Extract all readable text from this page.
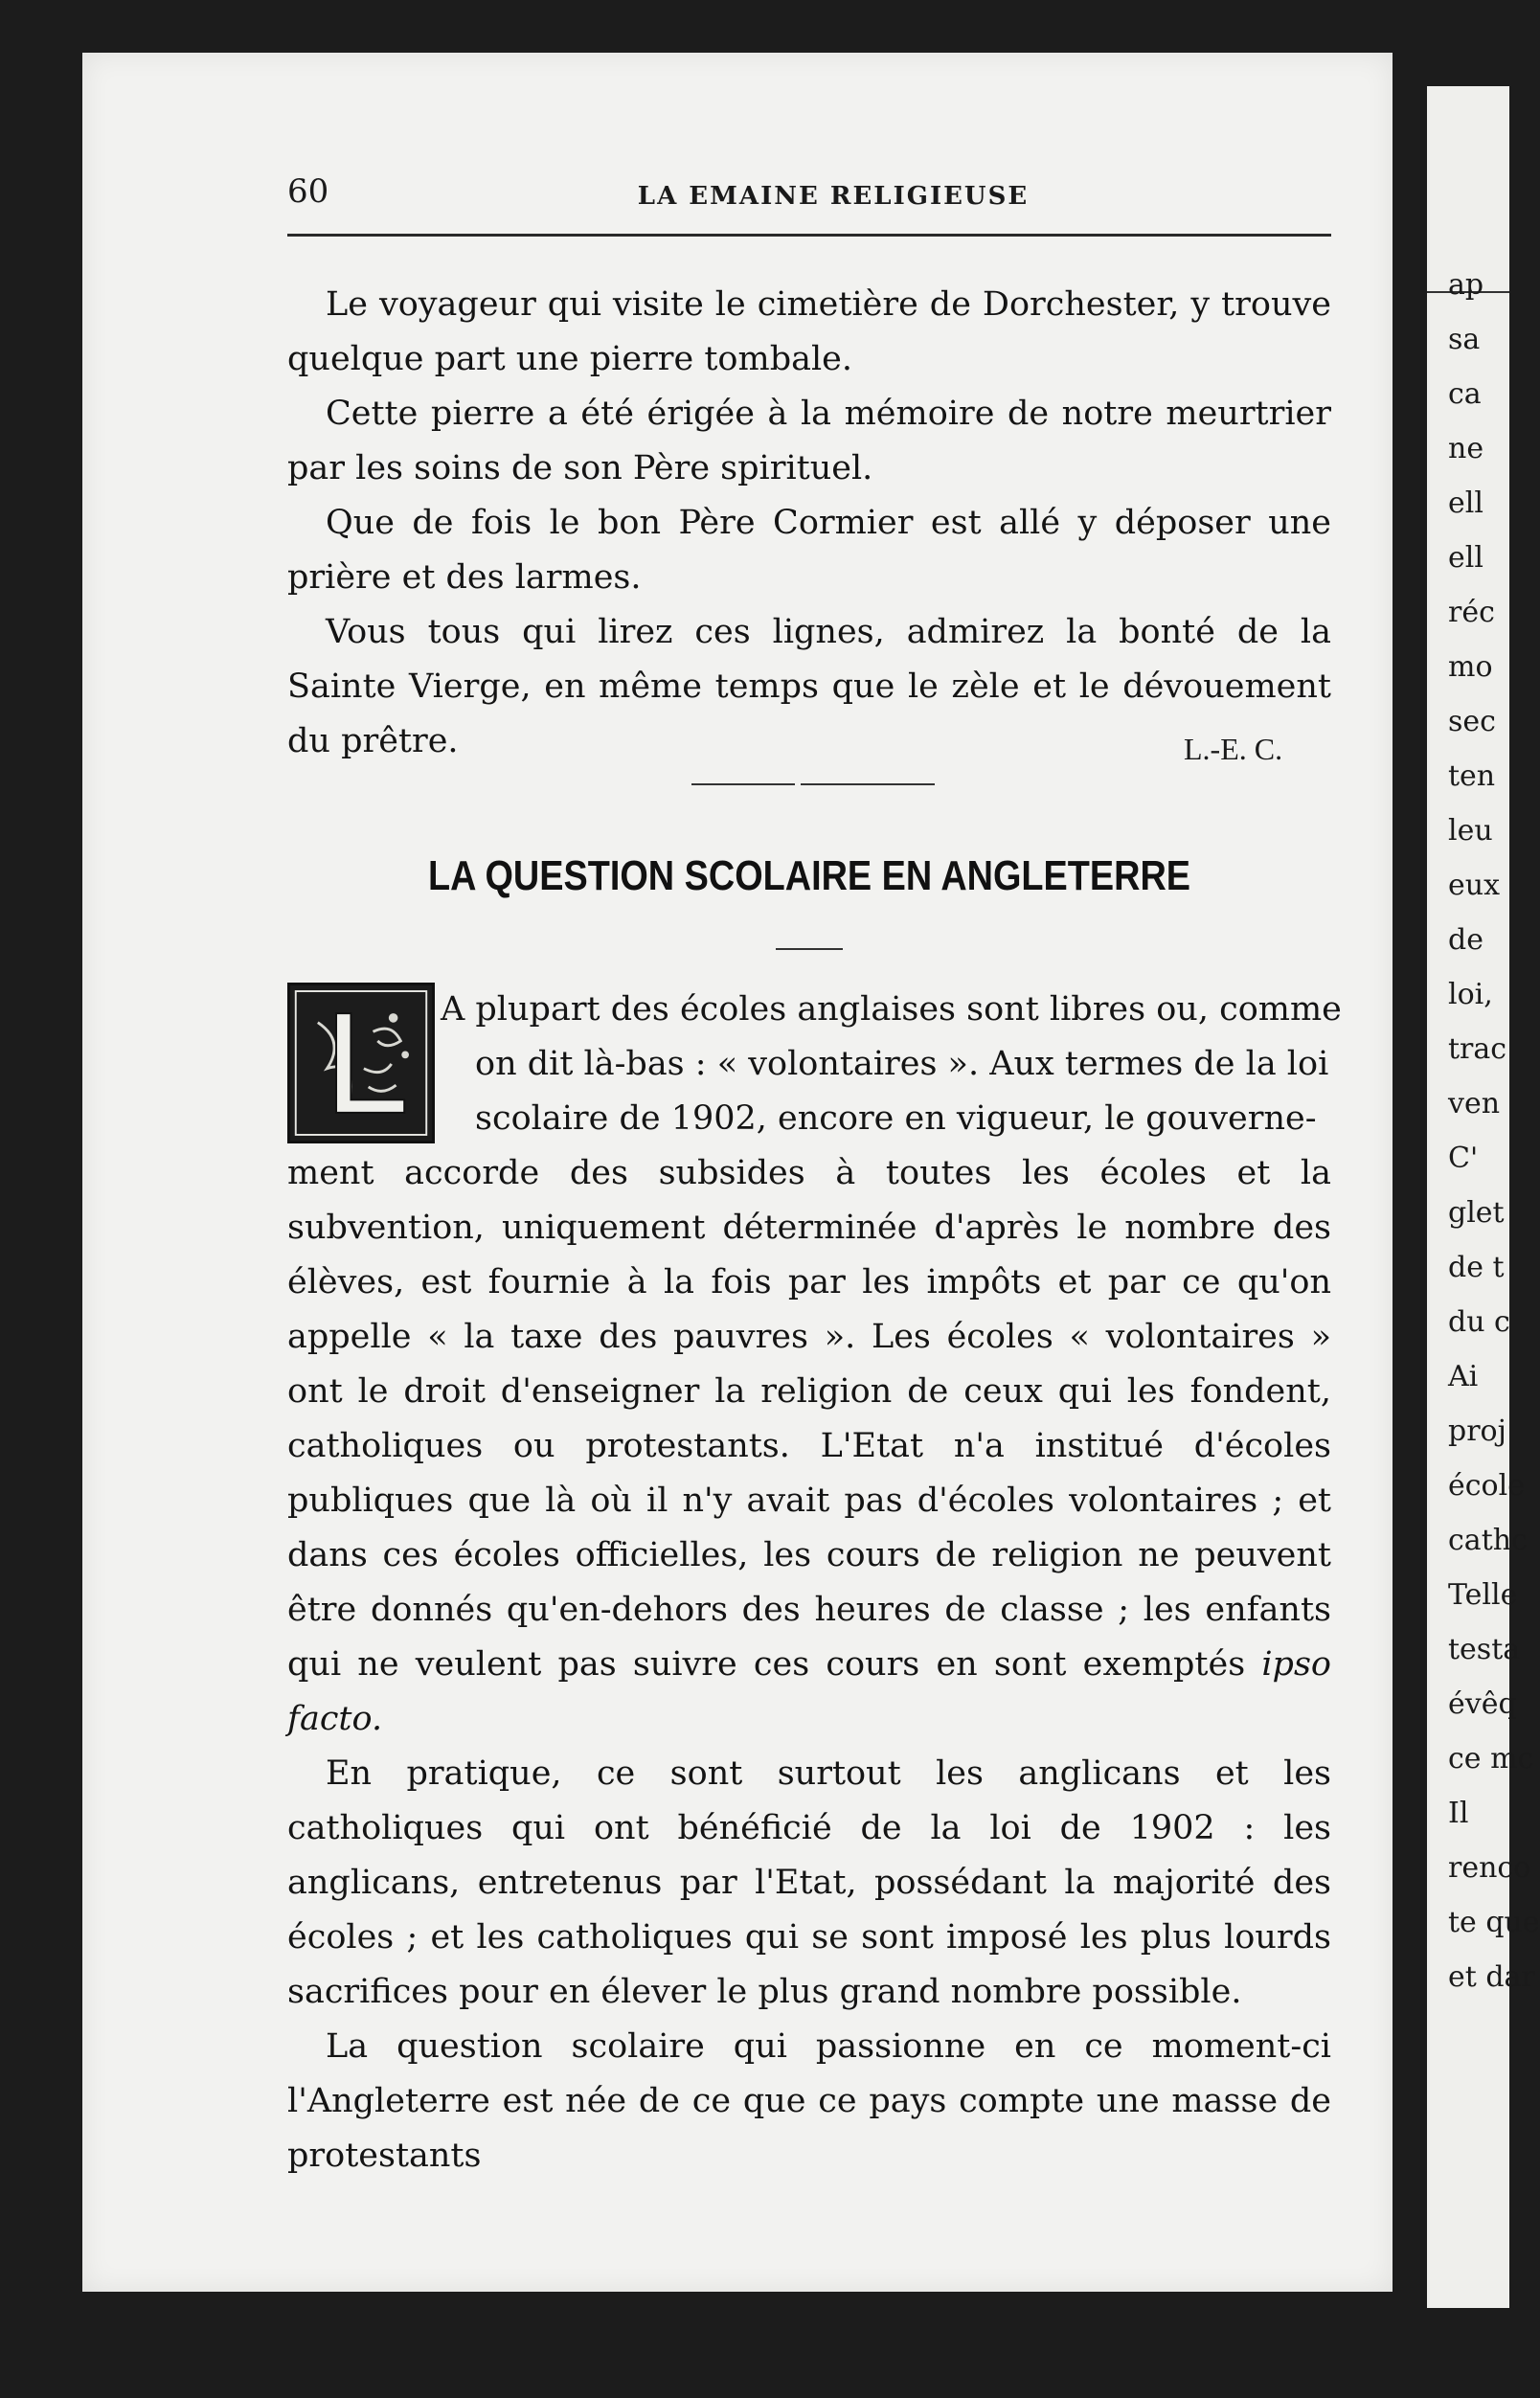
ap
sa
ca
ne
ell
ell
réc
mo
sec
ten
leu
eux
de
loi,
trac
ven
C'
glet
de t
du c
Ai
proj
école
cathc
Telle
testa
évêq
ce mc
Il
renco
te que
et dar
60	LA EMAINE RELIGIEUSE

Le voyageur qui visite le cimetière de Dorchester, y trouve quelque part une pierre tombale.

Cette pierre a été érigée à la mémoire de notre meurtrier par les soins de son Père spirituel.

Que de fois le bon Père Cormier est allé y déposer une prière et des larmes.

Vous tous qui lirez ces lignes, admirez la bonté de la Sainte Vierge, en même temps que le zèle et le dévouement du prêtre.	L.-E. C.
LA QUESTION SCOLAIRE EN ANGLETERRE
A plupart des écoles anglaises sont libres ou, comme
on dit là-bas : « volontaires ». Aux termes de la loi
scolaire de 1902, encore en vigueur, le gouverne-

ment accorde des subsides à toutes les écoles et la subvention, uniquement déterminée d'après le nombre des élèves, est fournie à la fois par les impôts et par ce qu'on appelle « la taxe des pauvres ». Les écoles « volontaires » ont le droit d'enseigner la religion de ceux qui les fondent, catholiques ou protestants. L'Etat n'a institué d'écoles publiques que là où il n'y avait pas d'écoles volontaires ; et dans ces écoles officielles, les cours de religion ne peuvent être donnés qu'en-dehors des heures de classe ; les enfants qui ne veulent pas suivre ces cours en sont exemptés ipso facto.

En pratique, ce sont surtout les anglicans et les catholiques qui ont bénéficié de la loi de 1902 : les anglicans, entretenus par l'Etat, possédant la majorité des écoles ; et les catholiques qui se sont imposé les plus lourds sacrifices pour en élever le plus grand nombre possible.

La question scolaire qui passionne en ce moment-ci l'Angleterre est née de ce que ce pays compte une masse de protestants
